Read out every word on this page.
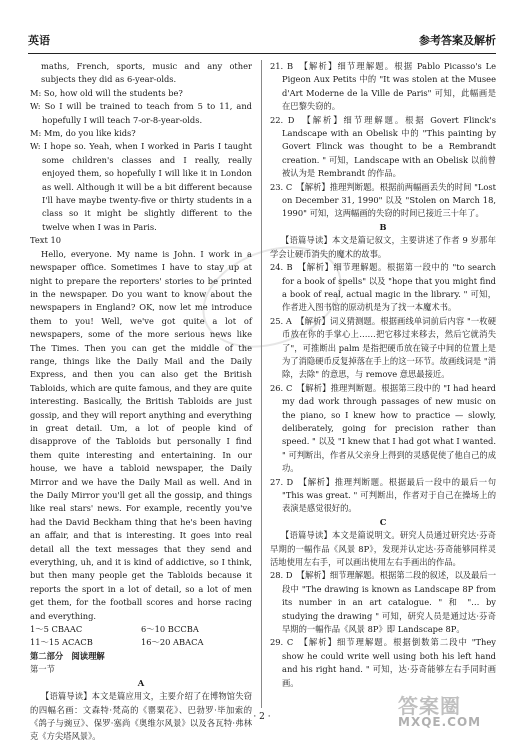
英语	参考答案及解析

maths, French, sports, music and any other subjects they did as 6-year-olds.

M: So, how old will the students be?

W: So I will be trained to teach from 5 to 11, and hopefully I will teach 7-or-8-year-olds.

M: Mm, do you like kids?

W: I hope so. Yeah, when I worked in Paris I taught some children's classes and I really, really enjoyed them, so hopefully I will like it in London as well. Although it will be a bit different because I'll have maybe twenty-five or thirty students in a class so it might be slightly different to the twelve when I was in Paris.

Text 10

Hello, everyone. My name is John. I work in a newspaper office. Sometimes I have to stay up at night to prepare the reporters' stories to be printed in the newspaper. Do you want to know about the newspapers in England? OK, now let me introduce them to you! Well, we've got quite a lot of newspapers, some of the more serious news like The Times. Then you can get the middle of the range, things like the Daily Mail and the Daily Express, and then you can also get the British Tabloids, which are quite famous, and they are quite interesting. Basically, the British Tabloids are just gossip, and they will report anything and everything in great detail. Um, a lot of people kind of disapprove of the Tabloids but personally I find them quite interesting and entertaining. In our house, we have a tabloid newspaper, the Daily Mirror and we have the Daily Mail as well. And in the Daily Mirror you'll get all the gossip, and things like real stars' news. For example, recently you've had the David Beckham thing that he's been having an affair, and that is interesting. It goes into real detail all the text messages that they send and everything, uh, and it is kind of addictive, so I think, but then many people get the Tabloids because it reports the sport in a lot of detail, so a lot of men get them, for the football scores and horse racing and everything.

1～5 CBAAC	6～10 BCCBA
11～15 ACACB	16～20 ABACA

第二部分　阅读理解

第一节

A

【语篇导读】本文是篇应用文，主要介绍了在博物馆失窃的四幅名画：文森特·梵高的《罂粟花》、巴勃罗·毕加索的《鸽子与豌豆》、保罗·塞尚《奥维尔风景》以及各瓦特·弗林克《方尖塔风景》。

21. B　【解析】细节理解题。根据 Pablo Picasso's Le Pigeon Aux Petits 中的 "It was stolen at the Musee d'Art Moderne de la Ville de Paris" 可知，此幅画是在巴黎失窃的。

22. D　【解析】细节理解题。根据 Govert Flinck's Landscape with an Obelisk 中的 "This painting by Govert Flinck was thought to be a Rembrandt creation. " 可知，Landscape with an Obelisk 以前曾被认为是 Rembrandt 的作品。

23. C　【解析】推理判断题。根据前两幅画丢失的时间 "Lost on December 31, 1990" 以及 "Stolen on March 18, 1990" 可知，这两幅画的失窃的时间已接近三十年了。

B

【语篇导读】本文是篇记叙文，主要讲述了作者 9 岁那年学会让硬币消失的魔术的故事。

24. B　【解析】细节理解题。根据第一段中的 "to search for a book of spells" 以及 "hope that you might find a book of real, actual magic in the library. " 可知，作者进入图书馆的原动机是为了找一本魔术书。

25. A　【解析】词义猜测题。根据画线单词前后内容 "一枚硬币放在你的手掌心上……把它移过来移去，然后它就消失了"，可推断出 palm 是指把硬币放在镜子中间的位置上是为了消隐硬币反复掉落在手上的这一环节。故画线词是 "消除，去除" 的意思，与 remove 意思最接近。

26. C　【解析】推理判断题。根据第三段中的 "I had heard my dad work through passages of new music on the piano, so I knew how to practice — slowly, deliberately, going for precision rather than speed. " 以及 "I knew that I had got what I wanted. " 可判断出，作者从父亲身上得到的灵感促使了他自己的成功。

27. D　【解析】推理判断题。根据最后一段中的最后一句 "This was great. " 可判断出，作者对于自己在操场上的表演是感觉很好的。

C

【语篇导读】本文是篇说明文。研究人员通过研究达·芬奇早期的一幅作品《风景 8P》，发现并认定达·芬奇能够同样灵活地使用左右手，可以画出使用左右手画出的作品。

28. D　【解析】细节理解题。根据第二段的叙述，以及最后一段中 "The drawing is known as Landscape 8P from its number in an art catalogue. " 和 "… by studying the drawing " 可知，研究人员是通过达·芬奇早期的一幅作品《风景 8P》即 Landscape 8P。

29. C　【解析】细节理解题。根据倒数第二段中 "They show he could write well using both his left hand and his right hand. " 可知，达·芬奇能够左右手同时画画。

· 2 ·	答案圈
MXQE.COM
